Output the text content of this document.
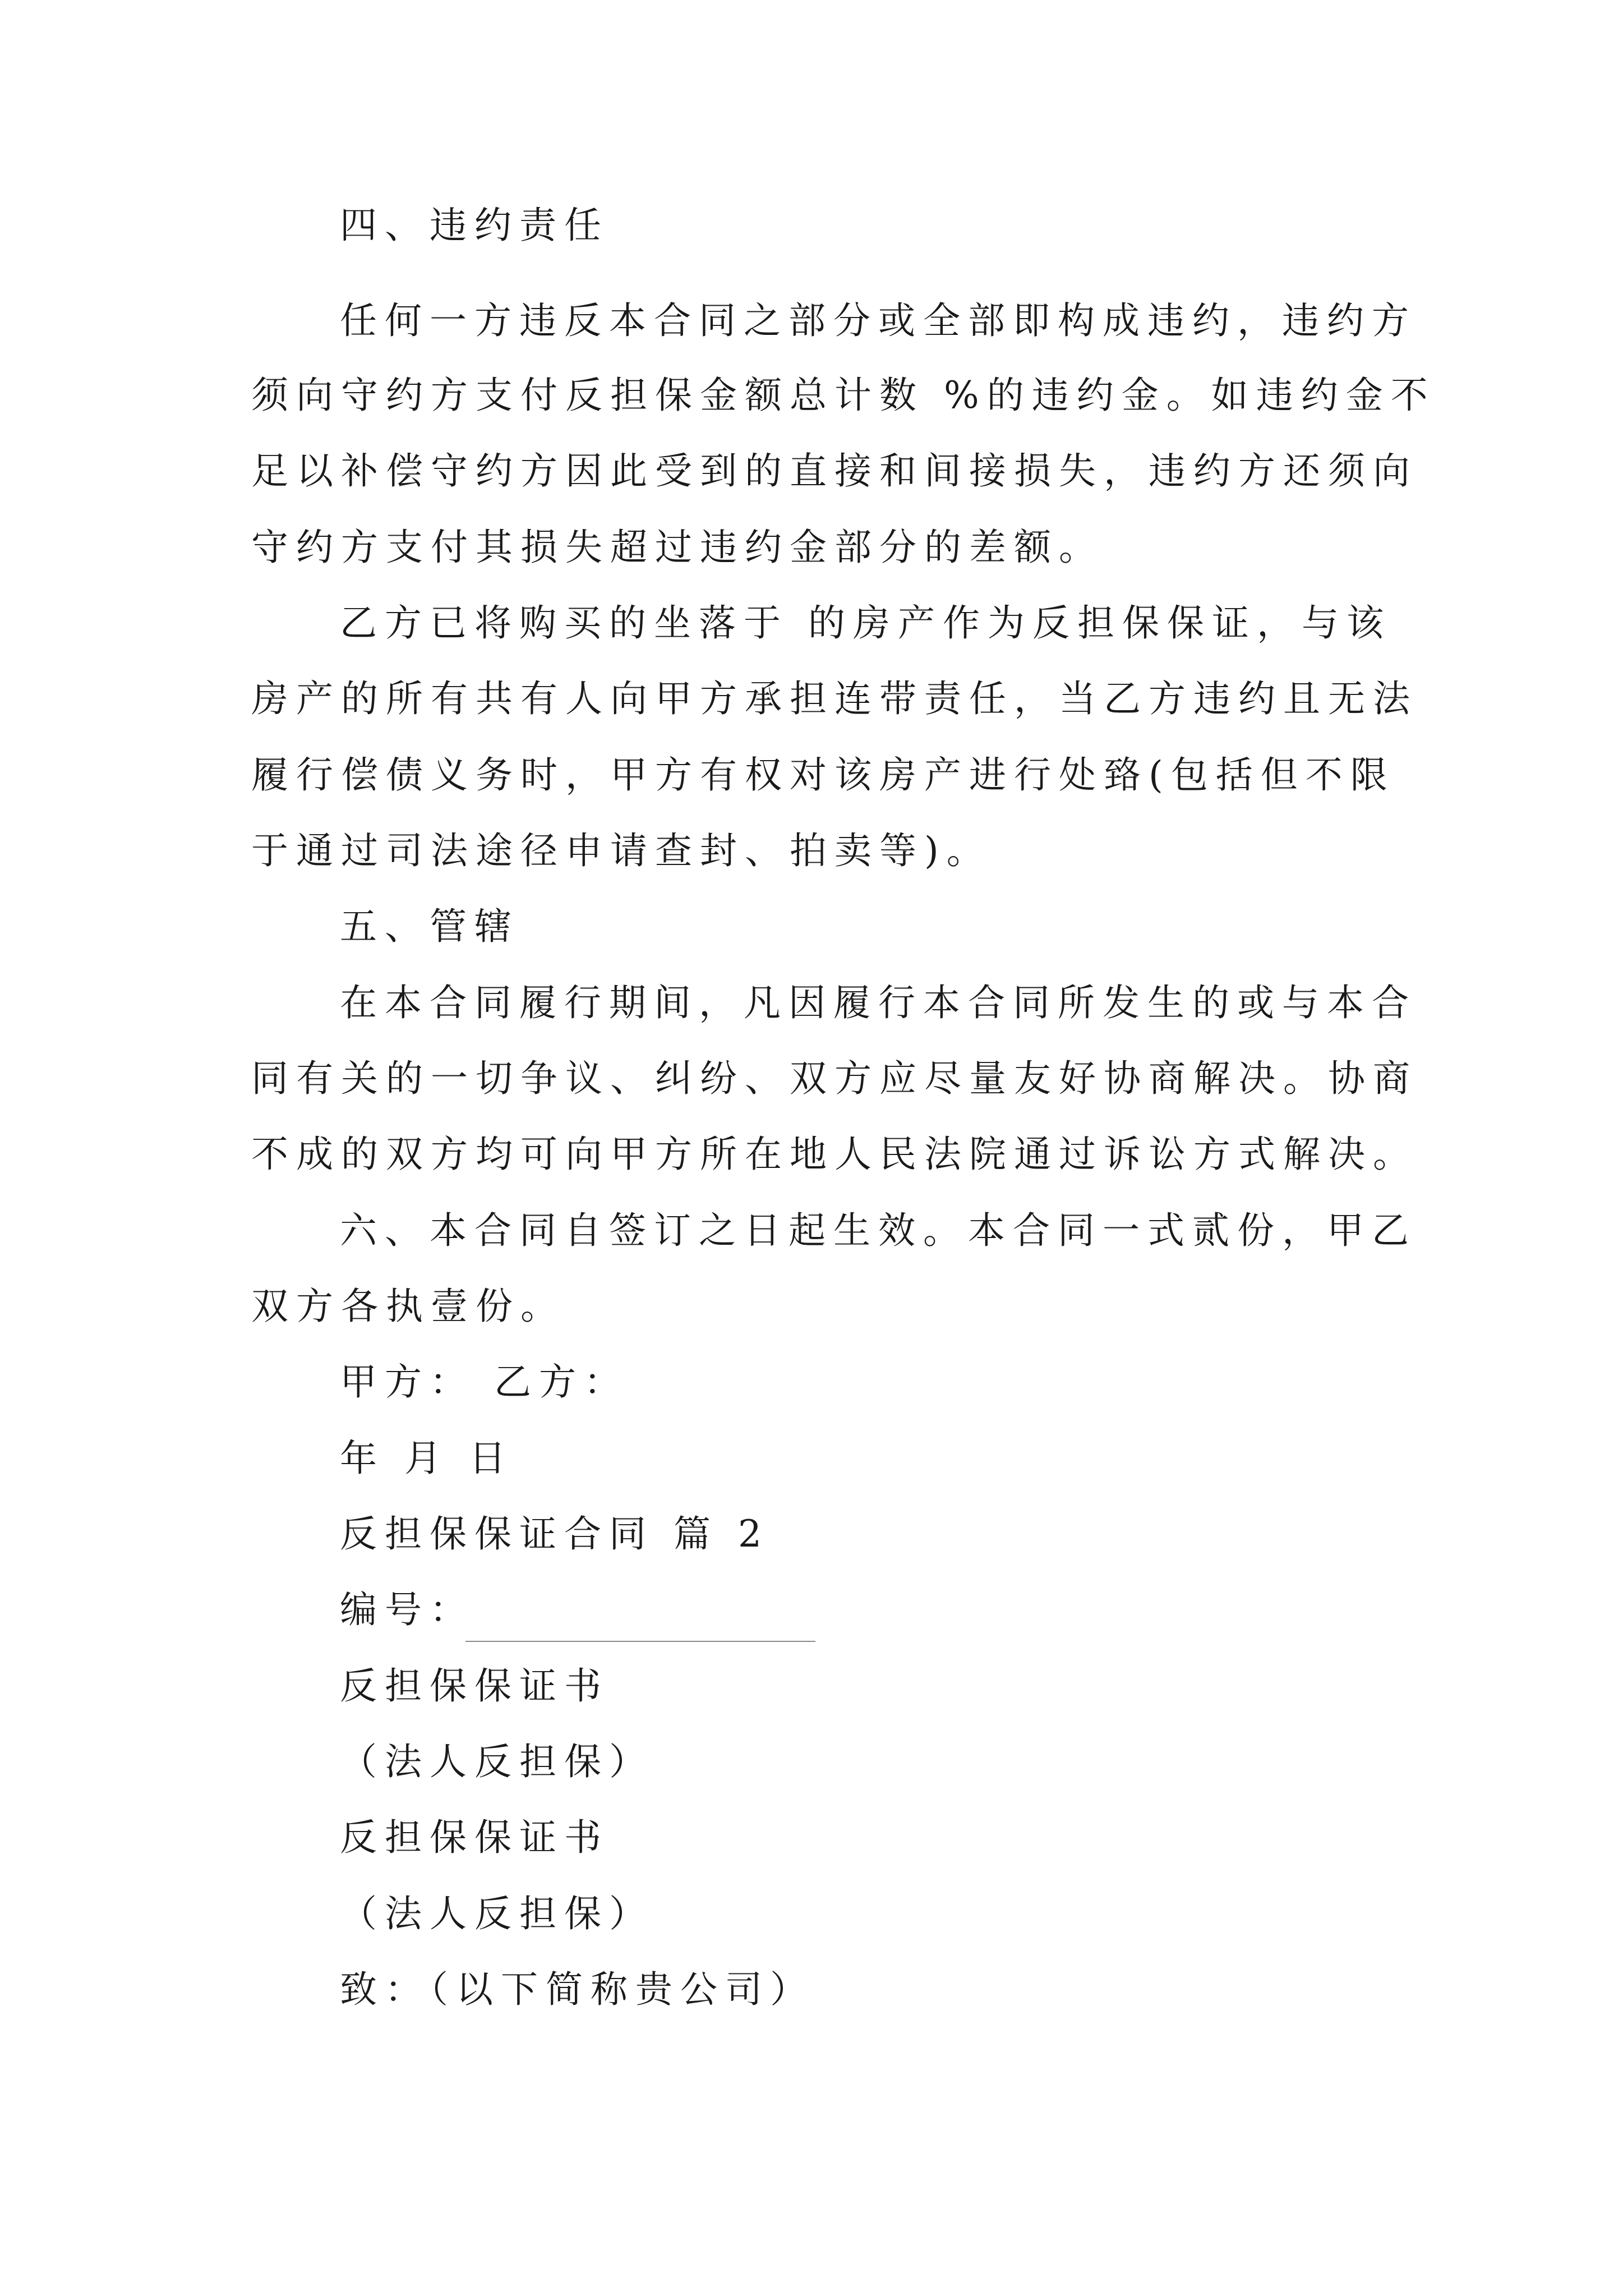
四、违约责任

任何一方违反本合同之部分或全部即构成违约，违约方

须向守约方支付反担保金额总计数 %的违约金。如违约金不

足以补偿守约方因此受到的直接和间接损失，违约方还须向

守约方支付其损失超过违约金部分的差额。

乙方已将购买的坐落于 的房产作为反担保保证，与该

房产的所有共有人向甲方承担连带责任，当乙方违约且无法

履行偿债义务时，甲方有权对该房产进行处臵(包括但不限

于通过司法途径申请查封、拍卖等)。

五、管辖

在本合同履行期间，凡因履行本合同所发生的或与本合

同有关的一切争议、纠纷、双方应尽量友好协商解决。协商

不成的双方均可向甲方所在地人民法院通过诉讼方式解决。

六、本合同自签订之日起生效。本合同一式贰份，甲乙

双方各执壹份。

甲方： 乙方：

年 月 日

反担保保证合同 篇 2

编号：

反担保保证书

（法人反担保）

反担保保证书

（法人反担保）

致：（以下简称贵公司）
